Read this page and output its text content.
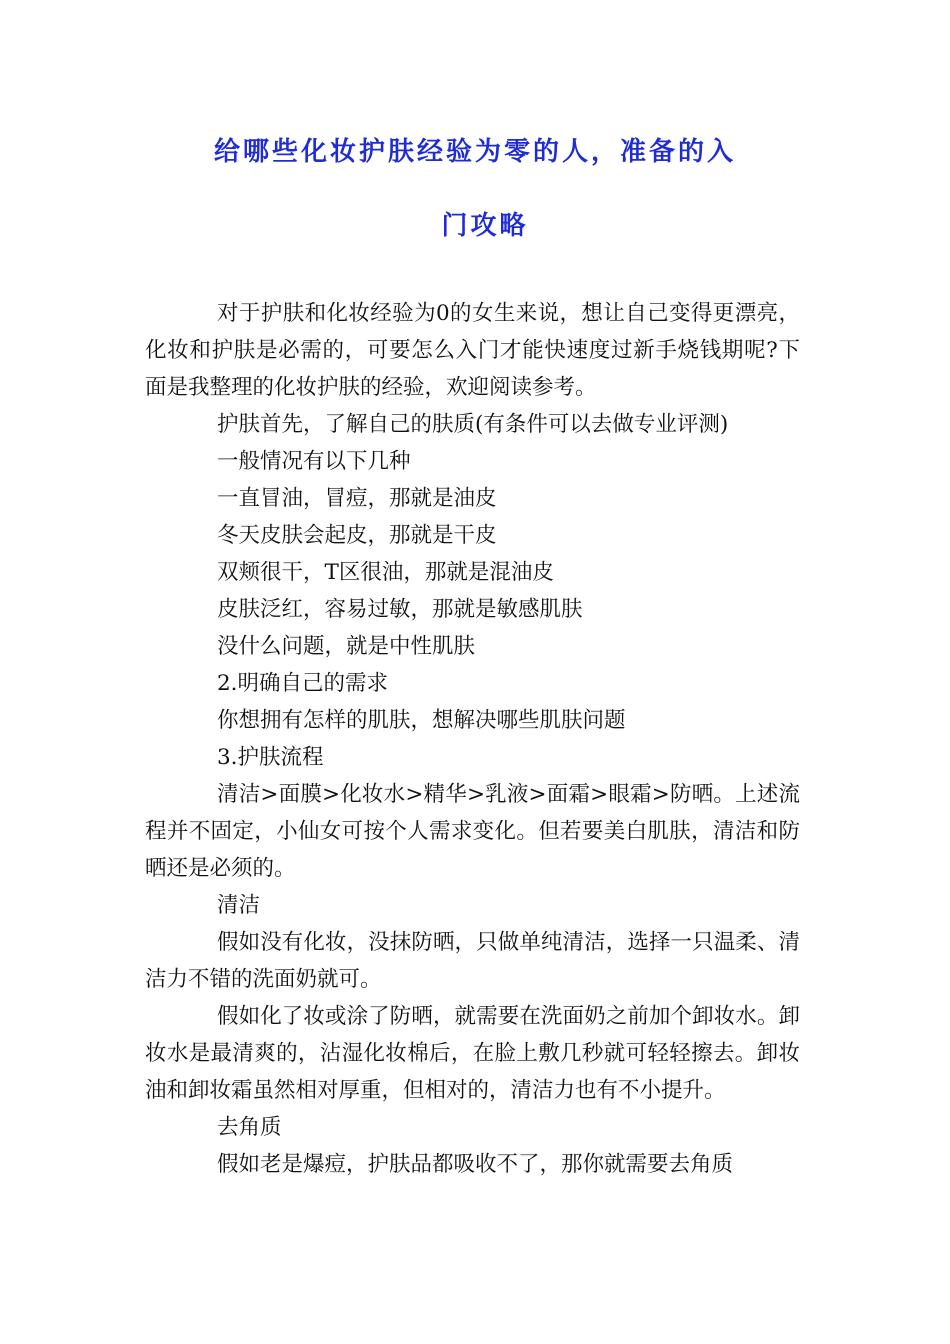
给哪些化妆护肤经验为零的人，准备的入
门攻略

对于护肤和化妆经验为0的女生来说，想让自己变得更漂亮，化妆和护肤是必需的，可要怎么入门才能快速度过新手烧钱期呢?下面是我整理的化妆护肤的经验，欢迎阅读参考。

护肤首先，了解自己的肤质(有条件可以去做专业评测)

一般情况有以下几种

一直冒油，冒痘，那就是油皮

冬天皮肤会起皮，那就是干皮

双颊很干，T区很油，那就是混油皮

皮肤泛红，容易过敏，那就是敏感肌肤

没什么问题，就是中性肌肤

2.明确自己的需求

你想拥有怎样的肌肤，想解决哪些肌肤问题

3.护肤流程

清洁>面膜>化妆水>精华>乳液>面霜>眼霜>防晒。上述流程并不固定，小仙女可按个人需求变化。但若要美白肌肤，清洁和防晒还是必须的。

清洁

假如没有化妆，没抹防晒，只做单纯清洁，选择一只温柔、清洁力不错的洗面奶就可。

假如化了妆或涂了防晒，就需要在洗面奶之前加个卸妆水。卸妆水是最清爽的，沾湿化妆棉后，在脸上敷几秒就可轻轻擦去。卸妆油和卸妆霜虽然相对厚重，但相对的，清洁力也有不小提升。

去角质

假如老是爆痘，护肤品都吸收不了，那你就需要去角质
